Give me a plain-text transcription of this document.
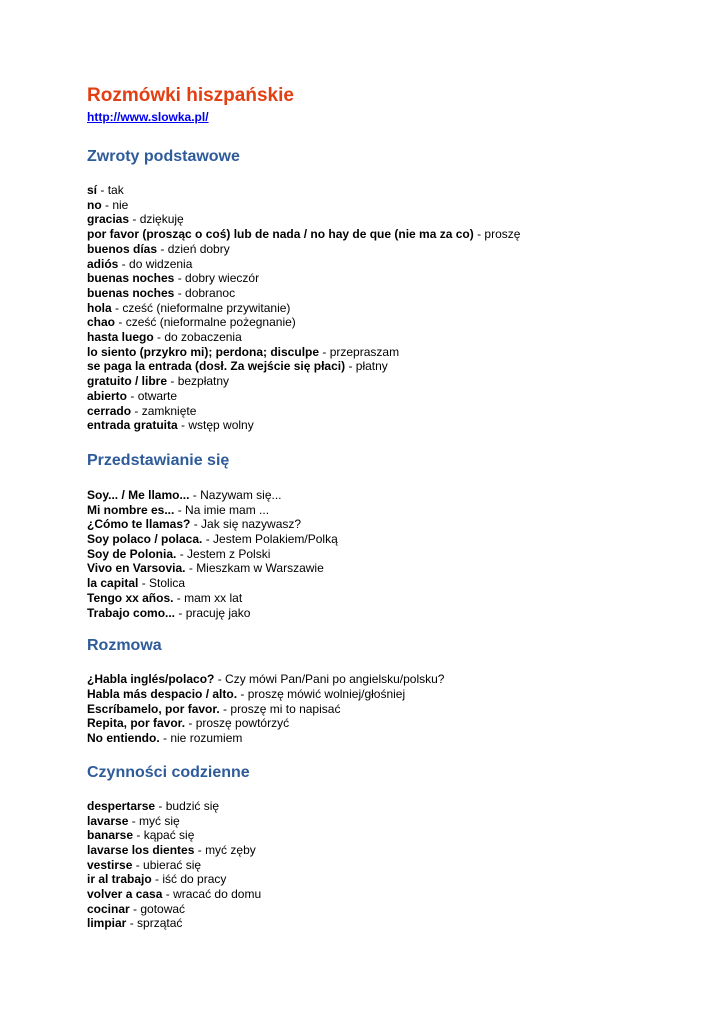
Rozmówki hiszpańskie
http://www.slowka.pl/
Zwroty podstawowe
sí - tak
no - nie
gracias - dziękuję
por favor (prosząc o coś) lub de nada / no hay de que (nie ma za co) - proszę
buenos días - dzień dobry
adiós - do widzenia
buenas noches - dobry wieczór
buenas noches - dobranoc
hola - cześć (nieformalne przywitanie)
chao - cześć (nieformalne pożegnanie)
hasta luego - do zobaczenia
lo siento (przykro mi); perdona; disculpe - przepraszam
se paga la entrada (dosł. Za wejście się płaci) - płatny
gratuito / libre - bezpłatny
abierto - otwarte
cerrado - zamknięte
entrada gratuita - wstęp wolny
Przedstawianie się
Soy... / Me llamo... - Nazywam się...
Mi nombre es... - Na imie mam ...
¿Cómo te llamas? - Jak się nazywasz?
Soy polaco / polaca. - Jestem Polakiem/Polką
Soy de Polonia. - Jestem z Polski
Vivo en Varsovia. - Mieszkam w Warszawie
la capital - Stolica
Tengo xx años. - mam xx lat
Trabajo como... - pracuję jako
Rozmowa
¿Habla inglés/polaco? - Czy mówi Pan/Pani po angielsku/polsku?
Habla más despacio / alto. - proszę mówić wolniej/głośniej
Escríbamelo, por favor. - proszę mi to napisać
Repita, por favor. - proszę powtórzyć
No entiendo. - nie rozumiem
Czynności codzienne
despertarse - budzić się
lavarse - myć się
banarse - kąpać się
lavarse los dientes - myć zęby
vestirse - ubierać się
ir al trabajo - iść do pracy
volver a casa - wracać do domu
cocinar - gotować
limpiar - sprzątać
